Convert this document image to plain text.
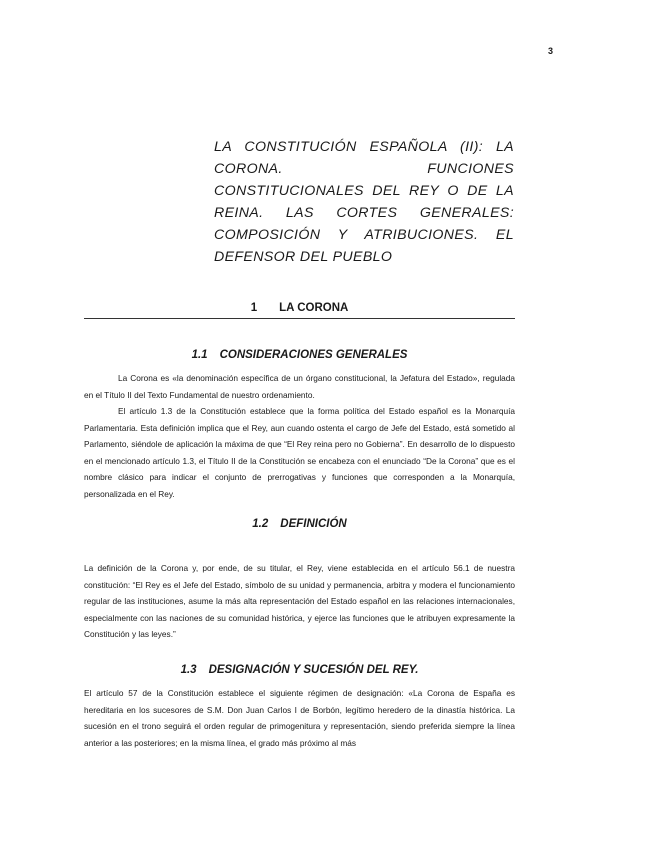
3
LA CONSTITUCIÓN ESPAÑOLA (II): LA CORONA. FUNCIONES CONSTITUCIONALES DEL REY O DE LA REINA. LAS CORTES GENERALES: COMPOSICIÓN Y ATRIBUCIONES. EL DEFENSOR DEL PUEBLO
1 LA CORONA
1.1 CONSIDERACIONES GENERALES

La Corona es «la denominación específica de un órgano constitucional, la Jefatura del Estado», regulada en el Título II del Texto Fundamental de nuestro ordenamiento.

El artículo 1.3 de la Constitución establece que la forma política del Estado español es la Monarquía Parlamentaria. Esta definición implica que el Rey, aun cuando ostenta el cargo de Jefe del Estado, está sometido al Parlamento, siéndole de aplicación la máxima de que “El Rey reina pero no Gobierna”. En desarrollo de lo dispuesto en el mencionado artículo 1.3, el Título II de la Constitución se encabeza con el enunciado “De la Corona” que es el nombre clásico para indicar el conjunto de prerrogativas y funciones que corresponden a la Monarquía, personalizada en el Rey.

1.2 DEFINICIÓN

La definición de la Corona y, por ende, de su titular, el Rey, viene establecida en el artículo 56.1 de nuestra constitución: “El Rey es el Jefe del Estado, símbolo de su unidad y permanencia, arbitra y modera el funcionamiento regular de las instituciones, asume la más alta representación del Estado español en las relaciones internacionales, especialmente con las naciones de su comunidad histórica, y ejerce las funciones que le atribuyen expresamente la Constitución y las leyes.”

1.3 DESIGNACIÓN Y SUCESIÓN DEL REY.

El artículo 57 de la Constitución establece el siguiente régimen de designación: «La Corona de España es hereditaria en los sucesores de S.M. Don Juan Carlos I de Borbón, legítimo heredero de la dinastía histórica. La sucesión en el trono seguirá el orden regular de primogenitura y representación, siendo preferida siempre la línea anterior a las posteriores; en la misma línea, el grado más próximo al más
